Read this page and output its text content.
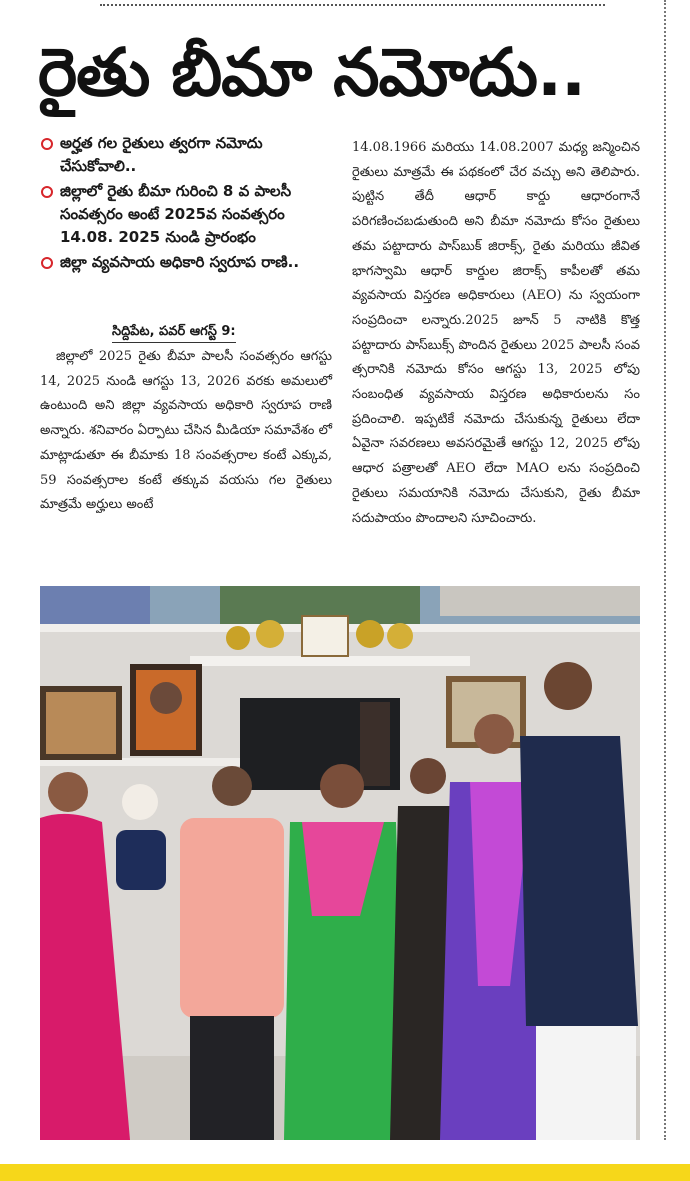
రైతు బీమా నమోదు..
అర్హత గల రైతులు త్వరగా నమోదు చేసుకోవాలి..
జిల్లాలో రైతు బీమా గురించి 8 వ పాలసీ సంవత్సరం అంటే 2025వ సంవత్సరం 14.08. 2025 నుండి ప్రారంభం
జిల్లా వ్యవసాయ అధికారి స్వరూప రాణి..
సిద్దిపేట, పవర్ ఆగస్ట్ 9:

జిల్లాలో 2025 రైతు బీమా పాలసీ సంవత్సరం ఆగస్టు 14, 2025 నుండి ఆగస్టు 13, 2026 వరకు అమలులో ఉంటుంది అని జిల్లా వ్యవసాయ అధికారి స్వరూప రాణి అన్నారు. శనివారం ఏర్పాటు చేసిన మీడియా సమావేశం లో మాట్లాడుతూ ఈ బీమాకు 18 సంవత్సరాల కంటే ఎక్కువ, 59 సంవత్సరాల కంటే తక్కువ వయసు గల రైతులు మాత్రమే అర్హులు అంటే

14.08.1966 మరియు 14.08.2007 మధ్య జన్మించిన రైతులు మాత్రమే ఈ పథకంలో చేర వచ్చు అని తెలిపారు. పుట్టిన తేదీ ఆధార్ కార్డు ఆధారంగానే పరిగణించబడుతుంది అని బీమా నమోదు కోసం రైతులు తమ పట్టాదారు పాస్‌బుక్ జిరాక్స్, రైతు మరియు జీవిత భాగస్వామి ఆధార్ కార్డుల జిరాక్స్ కాపీలతో తమ వ్యవసాయ విస్తరణ అధికారులు (AEO) ను స్వయంగా సంప్రదించా లన్నారు.2025 జూన్ 5 నాటికి కొత్త పట్టాదారు పాస్‌బుక్స్ పొందిన రైతులు 2025 పాలసీ సంవ త్సరానికి నమోదు కోసం ఆగస్టు 13, 2025 లోపు సంబంధిత వ్యవసాయ విస్తరణ అధికారులను సం ప్రదించాలి. ఇప్పటికే నమోదు చేసుకున్న రైతులు లేదా ఏవైనా సవరణలు అవసరమైతే ఆగస్టు 12, 2025 లోపు ఆధార పత్రాలతో AEO లేదా MAO లను సంప్రదించి రైతులు సమయానికి నమోదు చేసుకుని, రైతు బీమా సదుపాయం పొందాలని సూచించారు.
